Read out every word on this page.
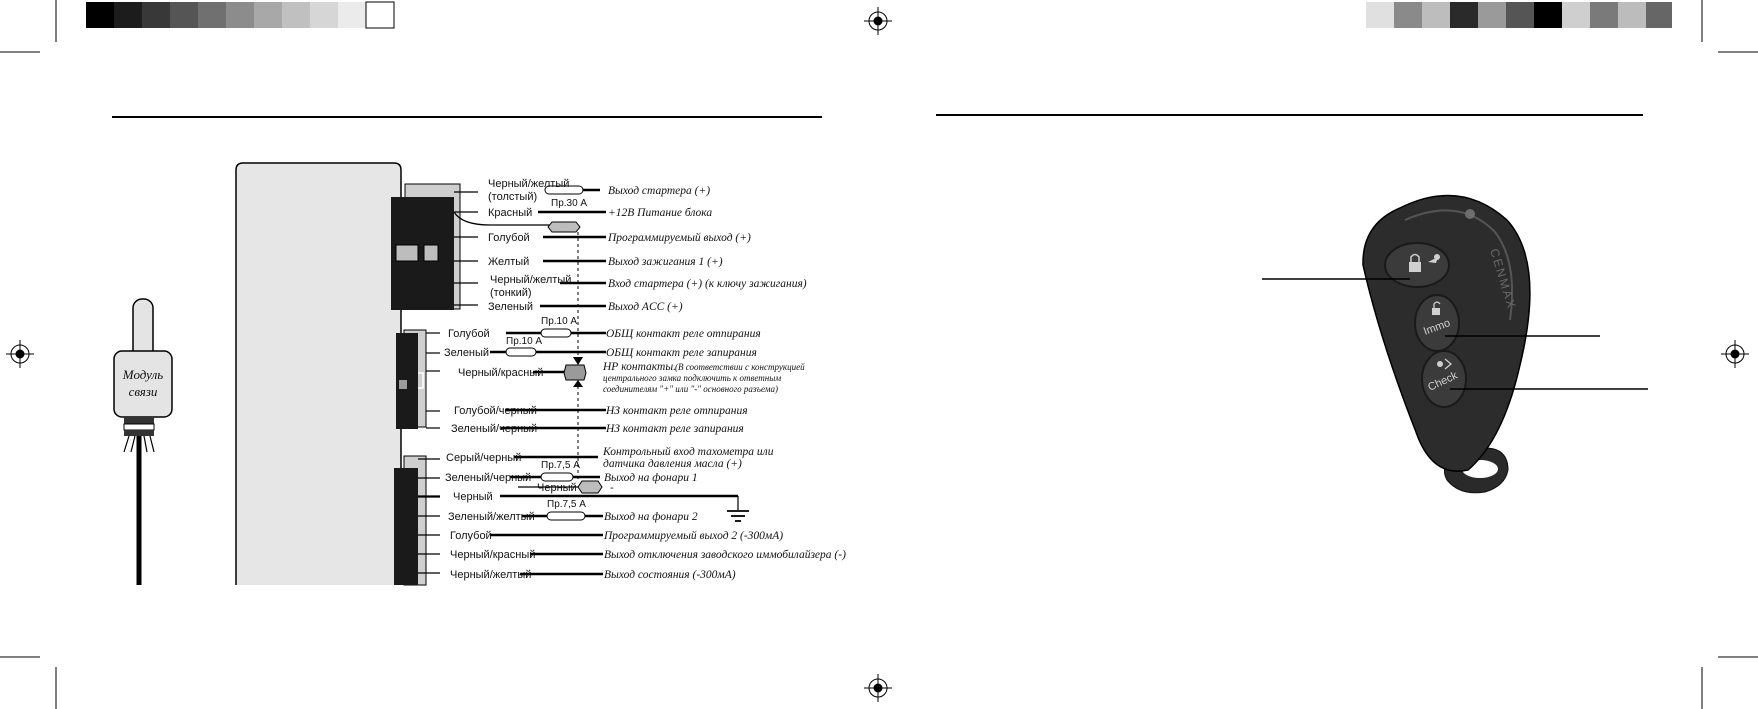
Модуль
связи
Пр.30 А
Пр.10 А
Пр.10 А
Пр.7,5 А
Пр.7,5 А
Черный/желтый
(толстый)
Красный
Голубой
Желтый
Черный/желтый
(тонкий)
Зеленый
Голубой
Зеленый
Черный/красный
Голубой/черный
Зеленый/черный
Серый/черный
Зеленый/черный
Черный	-
Черный
Зеленый/желтый
Голубой
Черный/красный
Черный/желтый
Выход стартера (+)
+12В Питание блока
Программируемый выход (+)
Выход зажигания 1 (+)
Вход стартера (+) (к ключу зажигания)
Выход ACC (+)
ОБЩ контакт реле отпирания
ОБЩ контакт реле запирания
НР контакты. (В соответствии с конструкцией
центрального замка подключить к ответным
соединителям "+" или "-" основного разъема)
НЗ контакт реле отпирания
НЗ контакт реле запирания
Контрольный вход тахометра или
датчика давления масла (+)
Выход на фонари 1
Выход на фонари 2
Программируемый выход 2 (-300мА)
Выход отключения заводского иммобилайзера (-)
Выход состояния (-300мА)
CENMAX
Immo
Check
